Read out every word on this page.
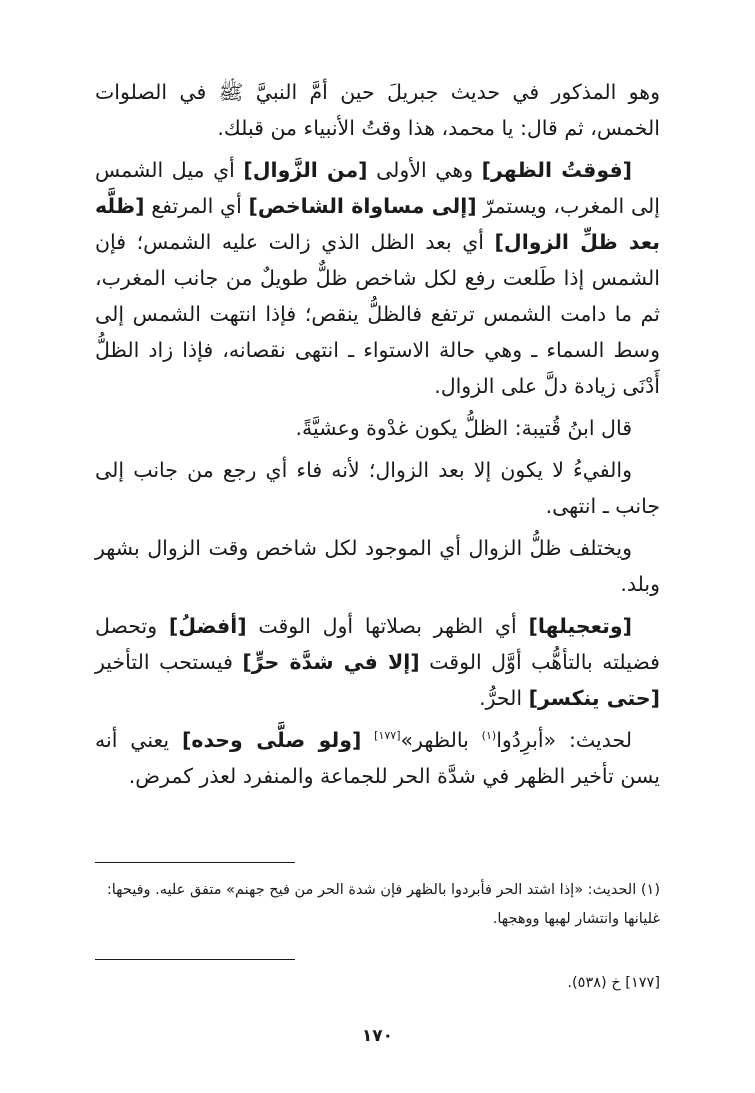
وهو المذكور في حديث جبريلَ حين أمَّ النبيَّ ﷺ في الصلوات الخمس، ثم قال: يا محمد، هذا وقتُ الأنبياء من قبلك.

[فوقتُ الظهر] وهي الأولى [من الزَّوال] أي ميل الشمس إلى المغرب، ويستمرّ [إلى مساواة الشاخص] أي المرتفع [ظلَّه بعد ظلِّ الزوال] أي بعد الظل الذي زالت عليه الشمس؛ فإن الشمس إذا طَلعت رفع لكل شاخص ظلٌّ طويلٌ من جانب المغرب، ثم ما دامت الشمس ترتفع فالظلُّ ينقص؛ فإذا انتهت الشمس إلى وسط السماء ـ وهي حالة الاستواء ـ انتهى نقصانه، فإذا زاد الظلُّ أَدْنَى زيادة دلَّ على الزوال.

قال ابنُ قُتيبة: الظلُّ يكون غدْوة وعشيَّةً.

والفيءُ لا يكون إلا بعد الزوال؛ لأنه فاء أي رجع من جانب إلى جانب ـ انتهى.

ويختلف ظلُّ الزوال أي الموجود لكل شاخص وقت الزوال بشهر وبلد.

[وتعجيلها] أي الظهر بصلاتها أول الوقت [أفضلُ] وتحصل فضيلته بالتأهُّب أوَّل الوقت [إلا في شدَّة حرٍّ] فيستحب التأخير [حتى ينكسر] الحرُّ.

لحديث: «أبرِدُوا$^{(١)}$ بالظهر»[١٧٧] [ولو صلَّى وحده] يعني أنه يسن تأخير الظهر في شدَّة الحر للجماعة والمنفرد لعذر كمرض.

(١) الحديث: «إذا اشتد الحر فأبردوا بالظهر فإن شدة الحر من فيح جهنم» متفق عليه. وفيحها: غليانها وانتشار لهبها ووهجها.

[١٧٧] خ (٥٣٨).

١٧٠
